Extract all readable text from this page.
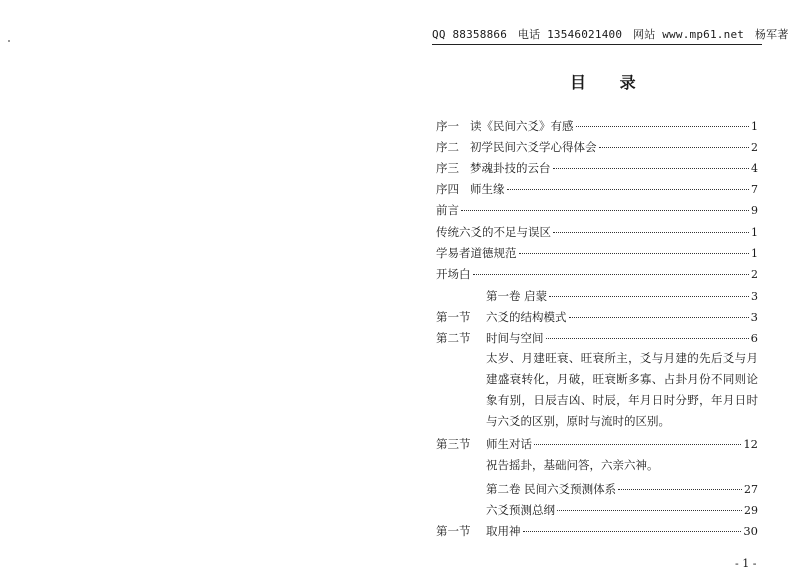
QQ 88358866 电话 13546021400 网站 www.mp61.net 杨军著
目 录
序一 读《民间六爻》有感	1
序二 初学民间六爻学心得体会	2
序三 梦魂卦技的云台	4
序四 师生缘	7
前言	9
传统六爻的不足与误区	1
学易者道德规范	1
开场白	2
第一卷 启蒙	3
第一节	六爻的结构模式	3
第二节	时间与空间	6
太岁、月建旺衰、旺衰所主，爻与月建的先后爻与月建盛衰转化，月破，旺衰断多寡、占卦月份不同则论象有别，日辰吉凶、时辰，年月日时分野，年月日时与六爻的区别，原时与流时的区别。
第三节	师生对话	12
祝告摇卦，基础问答，六亲六神。
第二卷 民间六爻预测体系	27
六爻预测总纲	29
第一节	取用神	30
- 1 -
